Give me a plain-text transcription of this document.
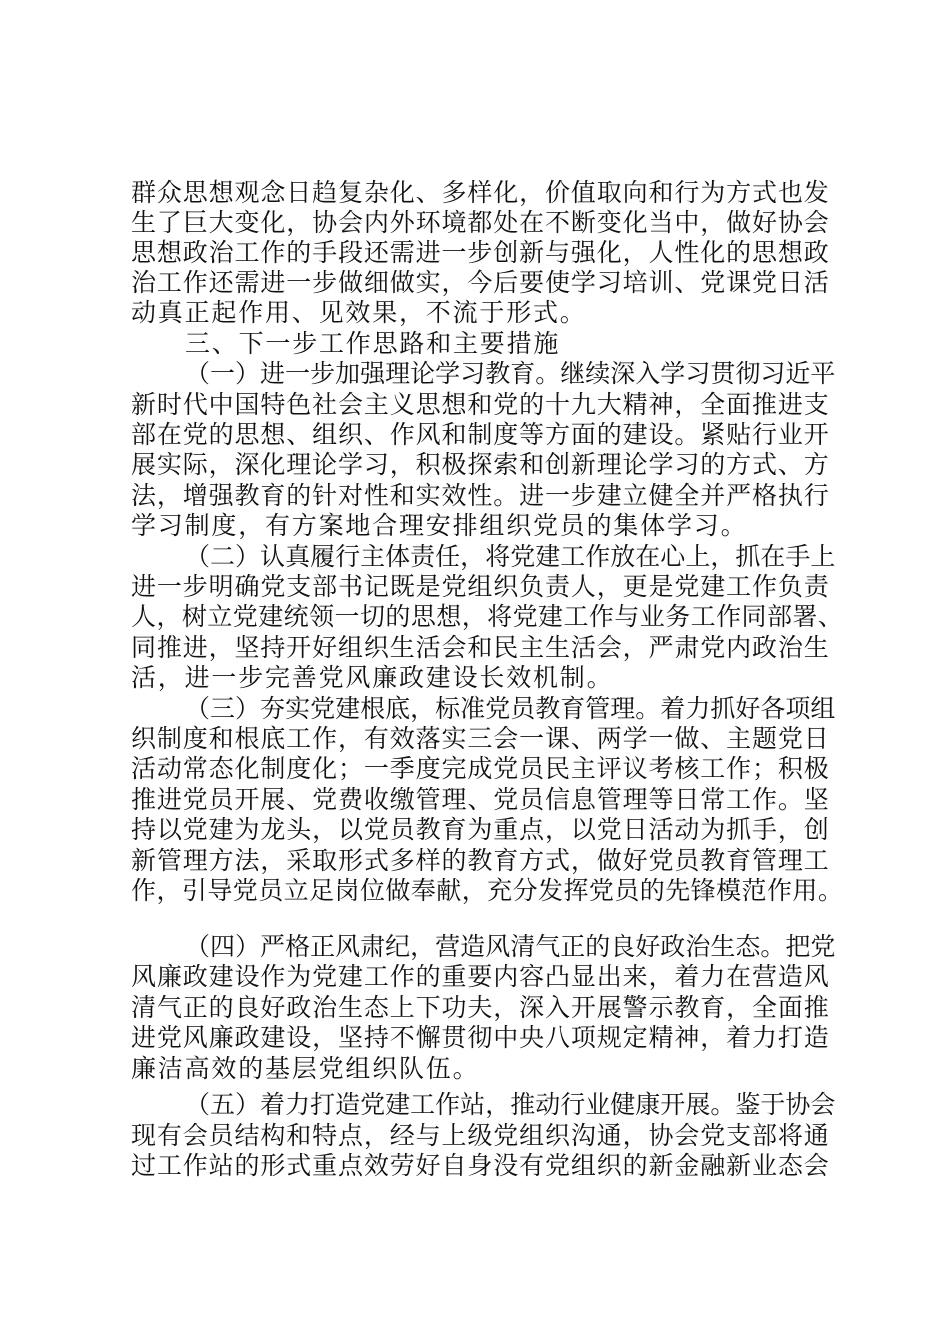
群 众 思 想 观 念 日 趋 复 杂 化 、 多 样 化 ， 价 值 取 向 和 行 为 方 式 也 发
生 了 巨 大 变 化 ， 协 会 内 外 环 境 都 处 在 不 断 变 化 当 中 ， 做 好 协 会
思 想 政 治 工 作 的 手 段 还 需 进 一 步 创 新 与 强 化 ， 人 性 化 的 思 想 政
治 工 作 还 需 进 一 步 做 细 做 实 ， 今 后 要 使 学 习 培 训 、 党 课 党 日 活
动真正起作用、见效果，不流于形式。
三、下一步工作思路和主要措施
（ 一 ） 进 一 步 加 强 理 论 学 习 教 育 。 继 续 深 入 学 习 贯 彻 习 近 平
新 时 代 中 国 特 色 社 会 主 义 思 想 和 党 的 十 九 大 精 神 ， 全 面 推 进 支
部 在 党 的 思 想 、 组 织 、 作 风 和 制 度 等 方 面 的 建 设 。 紧 贴 行 业 开
展 实 际 ， 深 化 理 论 学 习 ， 积 极 探 索 和 创 新 理 论 学 习 的 方 式 、 方
法 ， 增 强 教 育 的 针 对 性 和 实 效 性 。 进 一 步 建 立 健 全 并 严 格 执 行
学习制度，有方案地合理安排组织党员的集体学习。
（ 二 ） 认 真 履 行 主 体 责 任 ， 将 党 建 工 作 放 在 心 上 ， 抓 在 手 上
进 一 步 明 确 党 支 部 书 记 既 是 党 组 织 负 责 人 ， 更 是 党 建 工 作 负 责
人 ， 树 立 党 建 统 领 一 切 的 思 想 ， 将 党 建 工 作 与 业 务 工 作 同 部 署 、
同 推 进 ， 坚 持 开 好 组 织 生 活 会 和 民 主 生 活 会 ， 严 肃 党 内 政 治 生
活，进一步完善党风廉政建设长效机制。
（ 三 ） 夯 实 党 建 根 底 ， 标 准 党 员 教 育 管 理 。 着 力 抓 好 各 项 组
织 制 度 和 根 底 工 作 ， 有 效 落 实 三 会 一 课 、 两 学 一 做 、 主 题 党 日
活 动 常 态 化 制 度 化 ； 一 季 度 完 成 党 员 民 主 评 议 考 核 工 作 ； 积 极
推 进 党 员 开 展 、 党 费 收 缴 管 理 、 党 员 信 息 管 理 等 日 常 工 作 。 坚
持 以 党 建 为 龙 头 ， 以 党 员 教 育 为 重 点 ， 以 党 日 活 动 为 抓 手 ， 创
新 管 理 方 法 ， 采 取 形 式 多 样 的 教 育 方 式 ， 做 好 党 员 教 育 管 理 工
作 ， 引 导 党 员 立 足 岗 位 做 奉 献 ， 充 分 发 挥 党 员 的 先 锋 模 范 作 用 。
（ 四 ） 严 格 正 风 肃 纪 ， 营 造 风 清 气 正 的 良 好 政 治 生 态 。 把 党
风 廉 政 建 设 作 为 党 建 工 作 的 重 要 内 容 凸 显 出 来 ， 着 力 在 营 造 风
清 气 正 的 良 好 政 治 生 态 上 下 功 夫 ， 深 入 开 展 警 示 教 育 ， 全 面 推
进 党 风 廉 政 建 设 ， 坚 持 不 懈 贯 彻 中 央 八 项 规 定 精 神 ， 着 力 打 造
廉洁高效的基层党组织队伍。
（ 五 ） 着 力 打 造 党 建 工 作 站 ， 推 动 行 业 健 康 开 展 。 鉴 于 协 会
现 有 会 员 结 构 和 特 点 ， 经 与 上 级 党 组 织 沟 通 ， 协 会 党 支 部 将 通
过 工 作 站 的 形 式 重 点 效 劳 好 自 身 没 有 党 组 织 的 新 金 融 新 业 态 会
